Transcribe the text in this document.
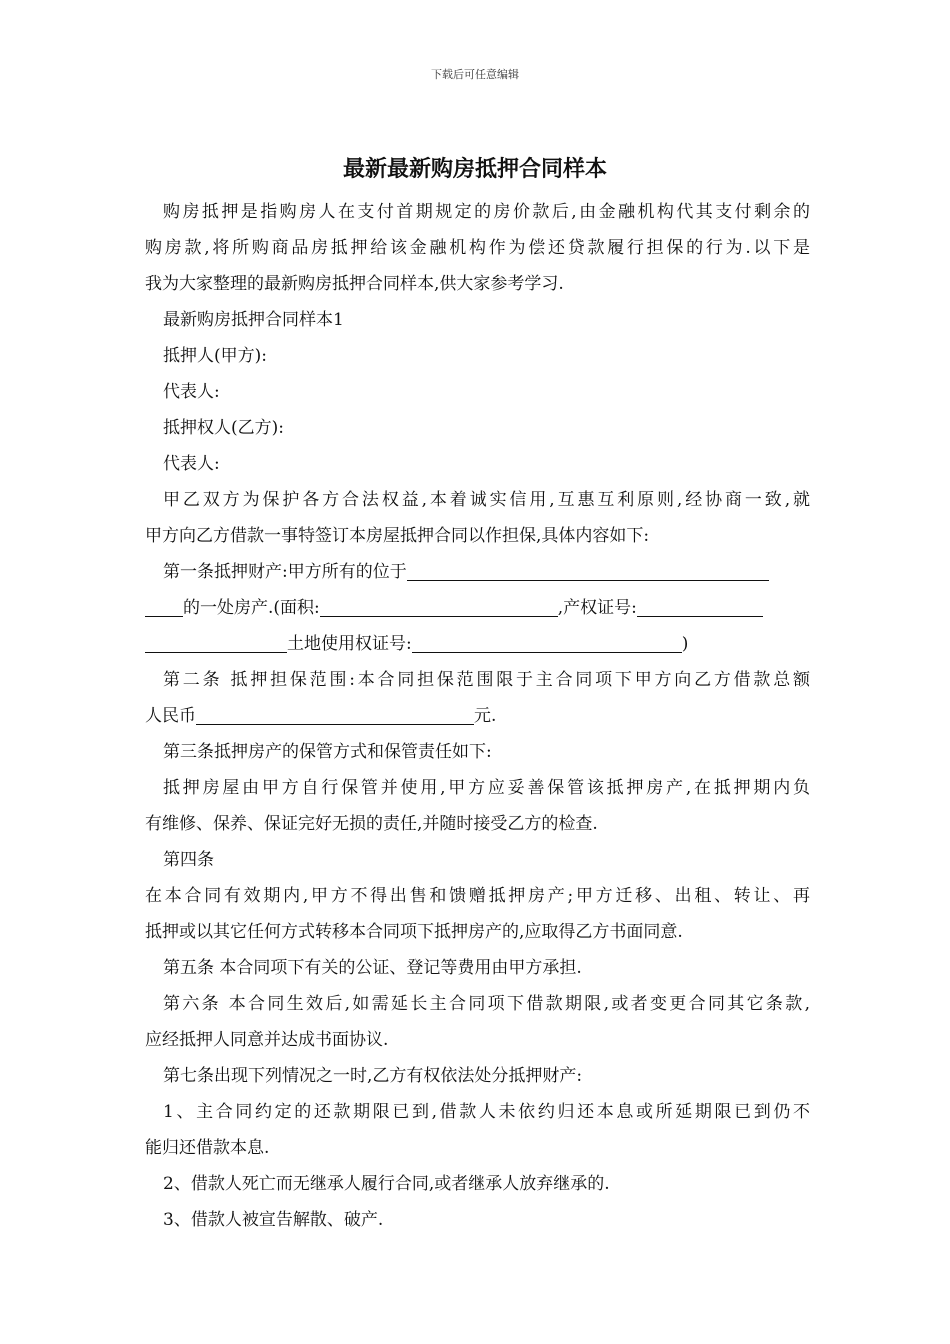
下载后可任意编辑
最新最新购房抵押合同样本

购房抵押是指购房人在支付首期规定的房价款后,由金融机构代其支付剩余的

购房款,将所购商品房抵押给该金融机构作为偿还贷款履行担保的行为.以下是

我为大家整理的最新购房抵押合同样本,供大家参考学习.

最新购房抵押合同样本1

抵押人(甲方):

代表人:

抵押权人(乙方):

代表人:

甲乙双方为保护各方合法权益,本着诚实信用,互惠互利原则,经协商一致,就

甲方向乙方借款一事特签订本房屋抵押合同以作担保,具体内容如下:

第一条抵押财产:甲方所有的位于

的一处房产.(面积:	,产权证号:

土地使用权证号:	)

第二条 抵押担保范围:本合同担保范围限于主合同项下甲方向乙方借款总额

人民币	元.

第三条抵押房产的保管方式和保管责任如下:

抵押房屋由甲方自行保管并使用,甲方应妥善保管该抵押房产,在抵押期内负

有维修、保养、保证完好无损的责任,并随时接受乙方的检查.

第四条

在本合同有效期内,甲方不得出售和馈赠抵押房产;甲方迁移、出租、转让、再

抵押或以其它任何方式转移本合同项下抵押房产的,应取得乙方书面同意.

第五条 本合同项下有关的公证、登记等费用由甲方承担.

第六条 本合同生效后,如需延长主合同项下借款期限,或者变更合同其它条款,

应经抵押人同意并达成书面协议.

第七条出现下列情况之一时,乙方有权依法处分抵押财产:

1、主合同约定的还款期限已到,借款人未依约归还本息或所延期限已到仍不

能归还借款本息.

2、借款人死亡而无继承人履行合同,或者继承人放弃继承的.

3、借款人被宣告解散、破产.
